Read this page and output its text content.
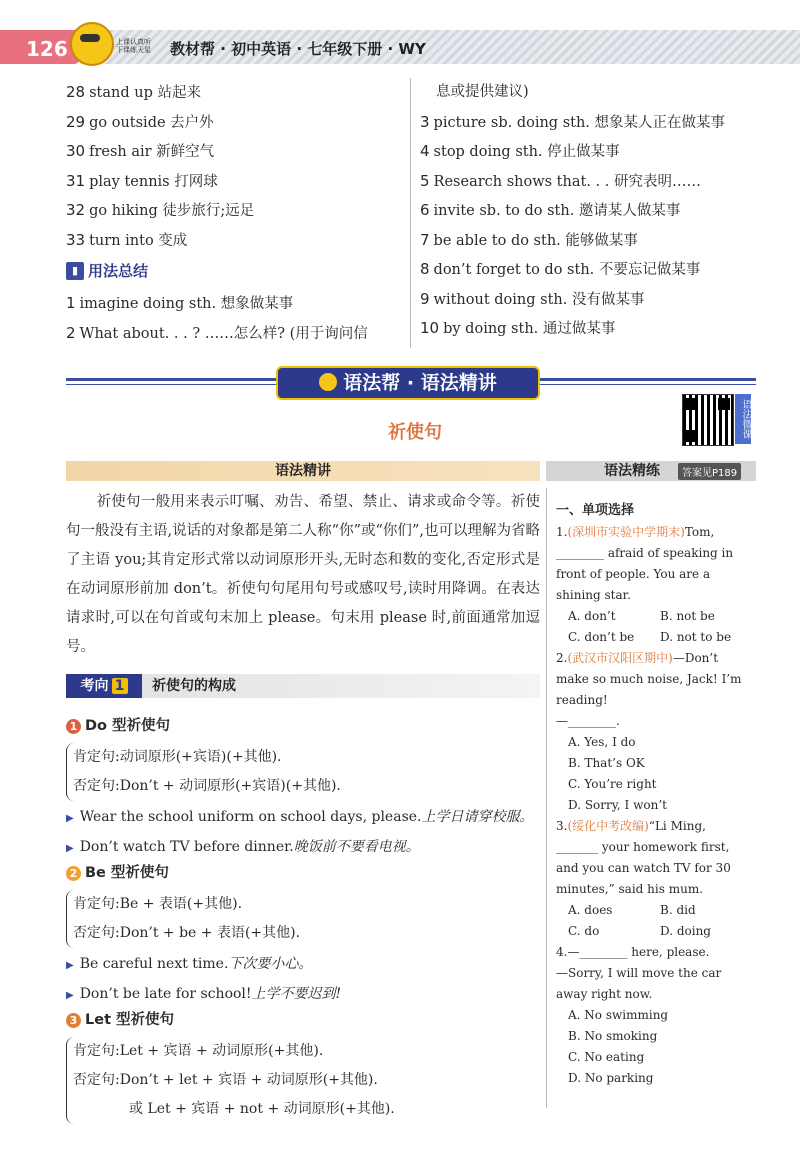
126	上课认真听 下课练天星	教材帮 · 初中英语 · 七年级下册 · WY
28 stand up 站起来
29 go outside 去户外
30 fresh air 新鲜空气
31 play tennis 打网球
32 go hiking 徒步旅行;远足
33 turn into 变成
▮ 用法总结
1 imagine doing sth. 想象做某事
2 What about. . . ? ……怎么样? (用于询问信
息或提供建议)
3 picture sb. doing sth. 想象某人正在做某事
4 stop doing sth. 停止做某事
5 Research shows that. . . 研究表明……
6 invite sb. to do sth. 邀请某人做某事
7 be able to do sth. 能够做某事
8 don’t forget to do sth. 不要忘记做某事
9 without doing sth. 没有做某事
10 by doing sth. 通过做某事
语法帮 · 语法精讲
祈使句	语法微课
语法精讲	语法精练	答案见P189
祈使句一般用来表示叮嘱、劝告、希望、禁止、请求或命令等。祈使句一般没有主语,说话的对象都是第二人称“你”或“你们”,也可以理解为省略了主语 you;其肯定形式常以动词原形开头,无时态和数的变化,否定形式是在动词原形前加 don’t。祈使句句尾用句号或感叹号,读时用降调。在表达请求时,可以在句首或句末加上 please。句末用 please 时,前面通常加逗号。
考向 1	祈使句的构成
1 Do 型祈使句
肯定句:动词原形(+宾语)(+其他).
否定句:Don’t + 动词原形(+宾语)(+其他).
▶ Wear the school uniform on school days, please.上学日请穿校服。
▶ Don’t watch TV before dinner.晚饭前不要看电视。
2 Be 型祈使句
肯定句:Be + 表语(+其他).
否定句:Don’t + be + 表语(+其他).
▶ Be careful next time.下次要小心。
▶ Don’t be late for school!上学不要迟到!
3 Let 型祈使句
肯定句:Let + 宾语 + 动词原形(+其他).
否定句:Don’t + let + 宾语 + 动词原形(+其他).
或 Let + 宾语 + not + 动词原形(+其他).
一、单项选择
1.(深圳市实验中学期末)Tom,
________ afraid of speaking in
front of people. You are a
shining star.
A. don’t	B. not be
C. don’t be D. not to be
2.(武汉市汉阳区期中)—Don’t
make so much noise, Jack! I’m
reading!
—________.
A. Yes, I do
B. That’s OK
C. You’re right
D. Sorry, I won’t
3.(绥化中考改编)“Li Ming,
_______ your homework first,
and you can watch TV for 30
minutes,” said his mum.
A. does	B. did
C. do	D. doing
4.—________ here, please.
—Sorry, I will move the car
away right now.
A. No swimming
B. No smoking
C. No eating
D. No parking
